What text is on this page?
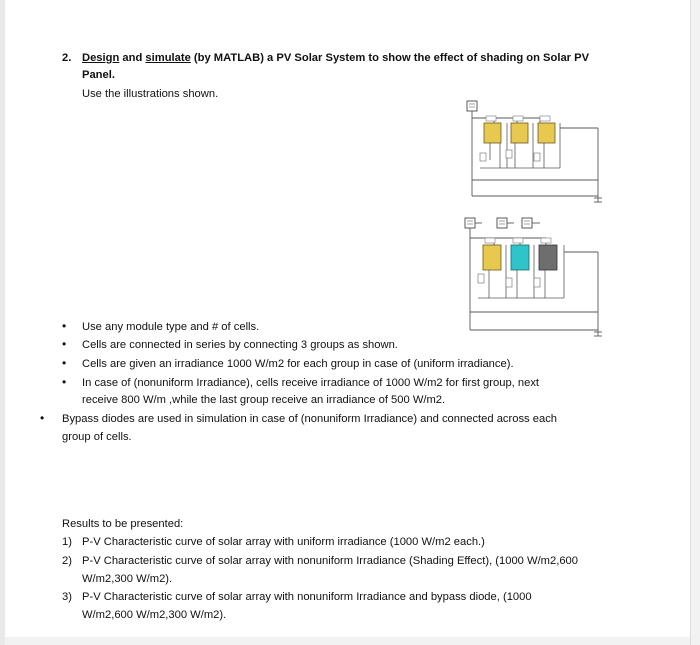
2. Design and simulate (by MATLAB) a PV Solar System to show the effect of shading on Solar PV
Panel.
Use the illustrations shown.
• Use any module type and # of cells.
• Cells are connected in series by connecting 3 groups as shown.
• Cells are given an irradiance 1000 W/m2 for each group in case of (uniform irradiance).
• In case of (nonuniform Irradiance), cells receive irradiance of 1000 W/m2 for first group, next
receive 800 W/m ,while the last group receive an irradiance of 500 W/m2.
• Bypass diodes are used in simulation in case of (nonuniform Irradiance) and connected across each
group of cells.
Results to be presented:
1) P-V Characteristic curve of solar array with uniform irradiance (1000 W/m2 each.)
2) P-V Characteristic curve of solar array with nonuniform Irradiance (Shading Effect), (1000 W/m2,600
W/m2,300 W/m2).
3) P-V Characteristic curve of solar array with nonuniform Irradiance and bypass diode, (1000
W/m2,600 W/m2,300 W/m2).
